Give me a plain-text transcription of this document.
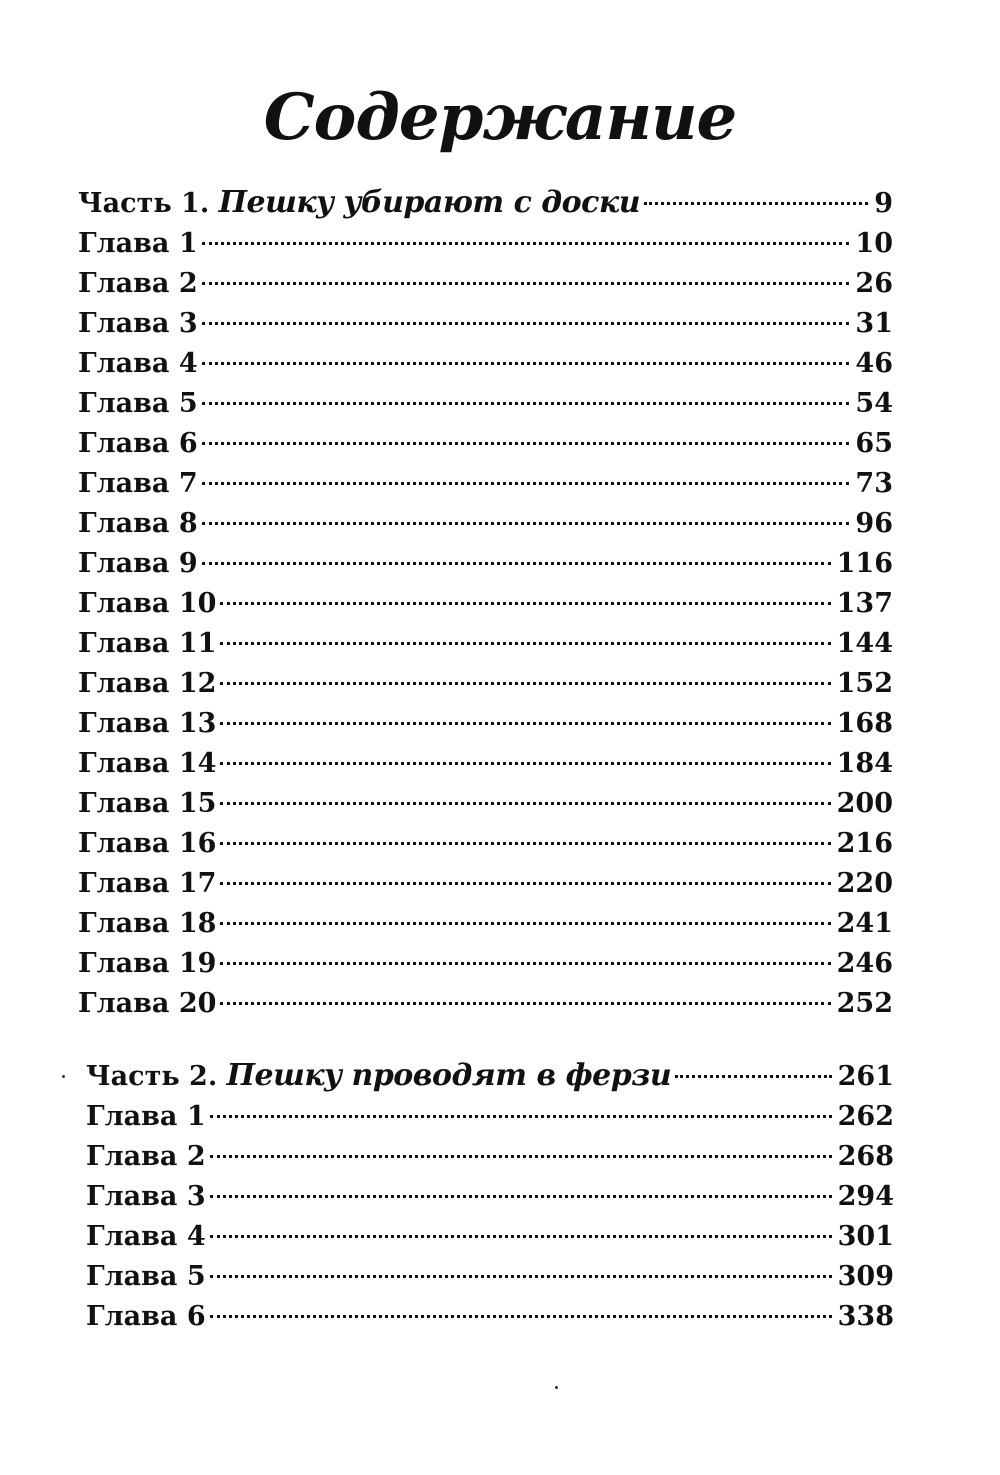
Содержание
Часть 1. Пешку убирают с доски	9
Глава 1	10
Глава 2	26
Глава 3	31
Глава 4	46
Глава 5	54
Глава 6	65
Глава 7	73
Глава 8	96
Глава 9	116
Глава 10	137
Глава 11	144
Глава 12	152
Глава 13	168
Глава 14	184
Глава 15	200
Глава 16	216
Глава 17	220
Глава 18	241
Глава 19	246
Глава 20	252
Часть 2. Пешку проводят в ферзи	261
Глава 1	262
Глава 2	268
Глава 3	294
Глава 4	301
Глава 5	309
Глава 6	338
